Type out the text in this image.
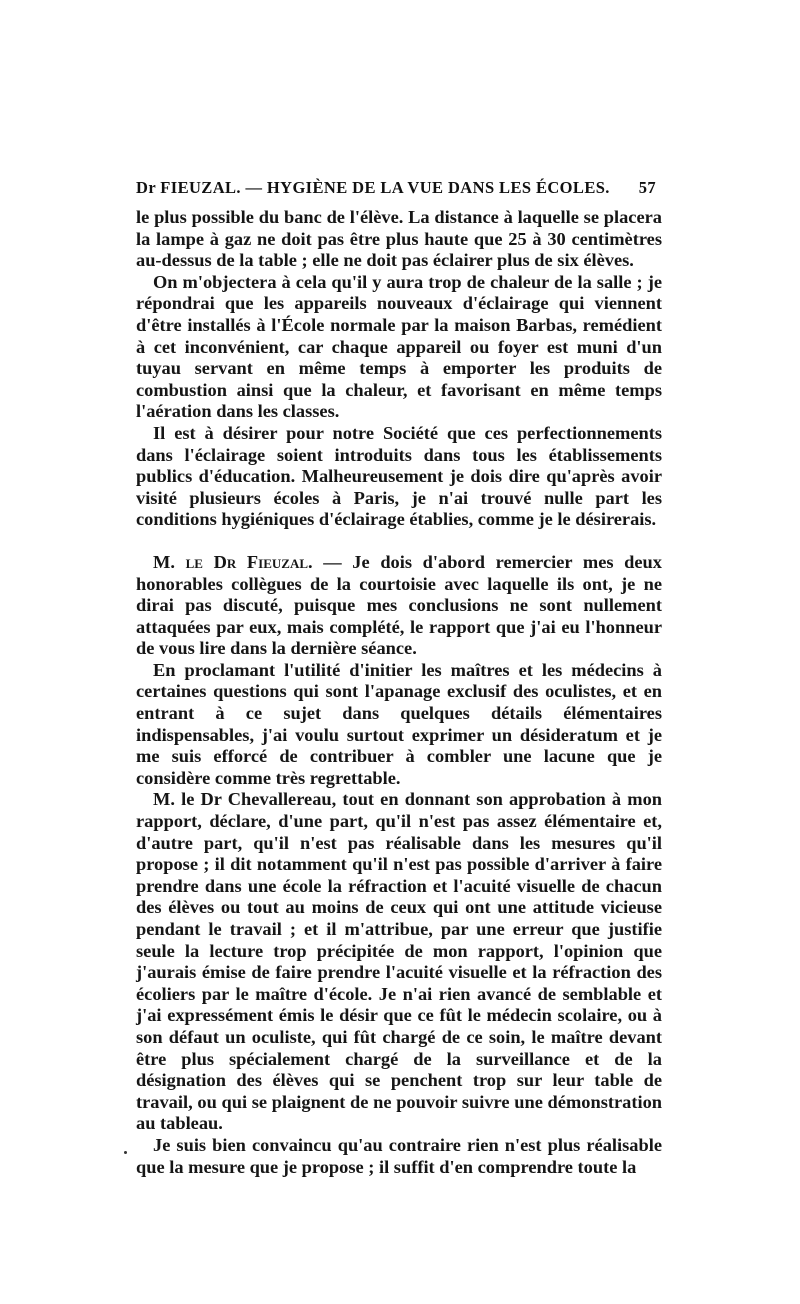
Dr FIEUZAL. — HYGIÈNE DE LA VUE DANS LES ÉCOLES. 57

le plus possible du banc de l'élève. La distance à laquelle se placera la lampe à gaz ne doit pas être plus haute que 25 à 30 centimètres au-dessus de la table ; elle ne doit pas éclairer plus de six élèves.

On m'objectera à cela qu'il y aura trop de chaleur de la salle ; je répondrai que les appareils nouveaux d'éclairage qui viennent d'être installés à l'École normale par la maison Barbas, remédient à cet inconvénient, car chaque appareil ou foyer est muni d'un tuyau servant en même temps à emporter les produits de combustion ainsi que la chaleur, et favorisant en même temps l'aération dans les classes.

Il est à désirer pour notre Société que ces perfectionnements dans l'éclairage soient introduits dans tous les établissements publics d'éducation. Malheureusement je dois dire qu'après avoir visité plusieurs écoles à Paris, je n'ai trouvé nulle part les conditions hygiéniques d'éclairage établies, comme je le désirerais.

M. le Dr Fieuzal. — Je dois d'abord remercier mes deux honorables collègues de la courtoisie avec laquelle ils ont, je ne dirai pas discuté, puisque mes conclusions ne sont nullement attaquées par eux, mais complété, le rapport que j'ai eu l'honneur de vous lire dans la dernière séance.

En proclamant l'utilité d'initier les maîtres et les médecins à certaines questions qui sont l'apanage exclusif des oculistes, et en entrant à ce sujet dans quelques détails élémentaires indispensables, j'ai voulu surtout exprimer un désideratum et je me suis efforcé de contribuer à combler une lacune que je considère comme très regrettable.

M. le Dr Chevallereau, tout en donnant son approbation à mon rapport, déclare, d'une part, qu'il n'est pas assez élémentaire et, d'autre part, qu'il n'est pas réalisable dans les mesures qu'il propose ; il dit notamment qu'il n'est pas possible d'arriver à faire prendre dans une école la réfraction et l'acuité visuelle de chacun des élèves ou tout au moins de ceux qui ont une attitude vicieuse pendant le travail ; et il m'attribue, par une erreur que justifie seule la lecture trop précipitée de mon rapport, l'opinion que j'aurais émise de faire prendre l'acuité visuelle et la réfraction des écoliers par le maître d'école. Je n'ai rien avancé de semblable et j'ai expressément émis le désir que ce fût le médecin scolaire, ou à son défaut un oculiste, qui fût chargé de ce soin, le maître devant être plus spécialement chargé de la surveillance et de la désignation des élèves qui se penchent trop sur leur table de travail, ou qui se plaignent de ne pouvoir suivre une démonstration au tableau.

Je suis bien convaincu qu'au contraire rien n'est plus réalisable que la mesure que je propose ; il suffit d'en comprendre toute la
